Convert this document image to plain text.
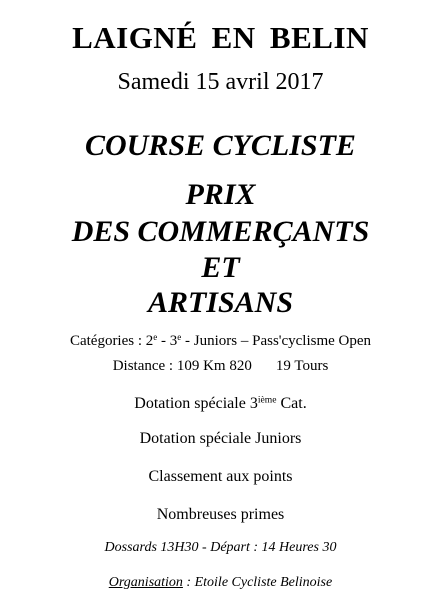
LAIGNÉ EN BELIN
Samedi 15 avril 2017
COURSE CYCLISTE
PRIX
DES COMMERÇANTS
ET
ARTISANS
Catégories : 2e - 3e - Juniors – Pass'cyclisme Open
Distance : 109 Km 820 19 Tours
Dotation spéciale 3ième Cat.
Dotation spéciale Juniors
Classement aux points
Nombreuses primes
Dossards 13H30 - Départ : 14 Heures 30
Organisation : Etoile Cycliste Belinoise
